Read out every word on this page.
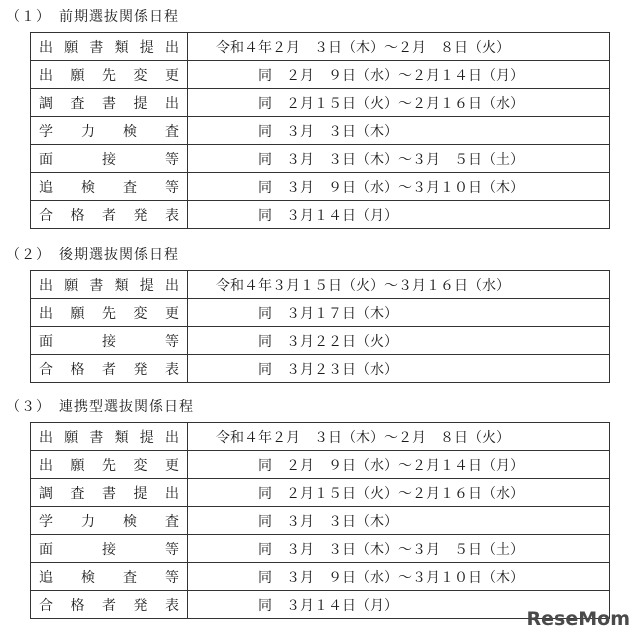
（１）　前期選抜関係日程
出願書類提出	令和４年２月　３日（木）～２月　８日（火）

出願先変更	　　　同　２月　９日（水）～２月１４日（月）

調査書提出	　　　同　２月１５日（火）～２月１６日（水）

学力検査	　　　同　３月　３日（木）

面接等	　　　同　３月　３日（木）～３月　５日（土）

追検査等	　　　同　３月　９日（水）～３月１０日（木）

合格者発表	　　　同　３月１４日（月）
（２）　後期選抜関係日程
出願書類提出	令和４年３月１５日（火）～３月１６日（水）

出願先変更	　　　同　３月１７日（木）

面接等	　　　同　３月２２日（火）

合格者発表	　　　同　３月２３日（水）
（３）　連携型選抜関係日程
出願書類提出	令和４年２月　３日（木）～２月　８日（火）

出願先変更	　　　同　２月　９日（水）～２月１４日（月）

調査書提出	　　　同　２月１５日（火）～２月１６日（水）

学力検査	　　　同　３月　３日（木）

面接等	　　　同　３月　３日（木）～３月　５日（土）

追検査等	　　　同　３月　９日（水）～３月１０日（木）

合格者発表	　　　同　３月１４日（月）
ReseMom
